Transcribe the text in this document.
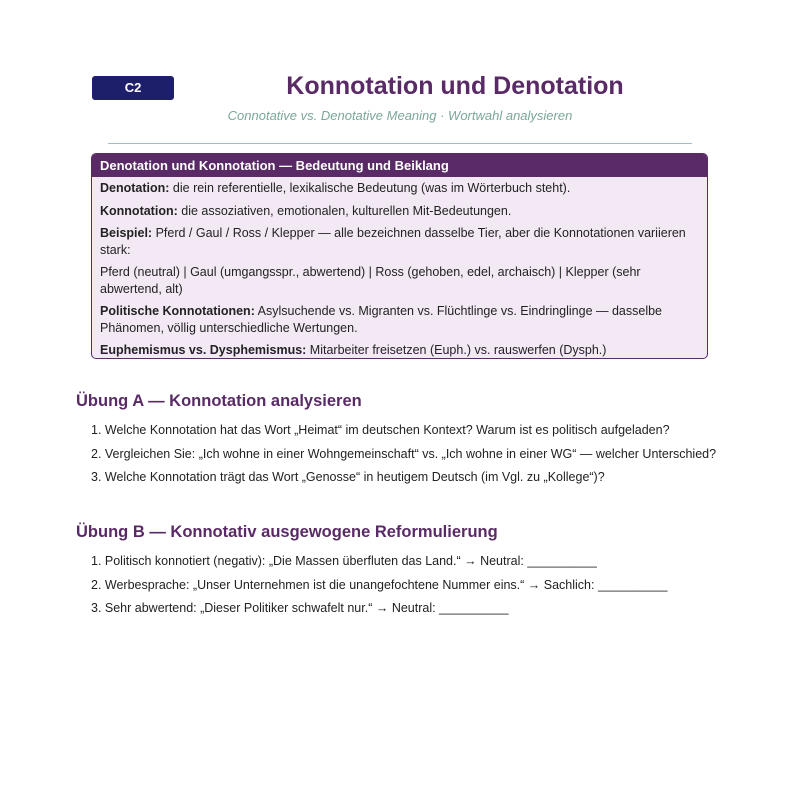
C2	Konnotation und Denotation
Connotative vs. Denotative Meaning · Wortwahl analysieren
Denotation und Konnotation — Bedeutung und Beiklang
Denotation: die rein referentielle, lexikalische Bedeutung (was im Wörterbuch steht).
Konnotation: die assoziativen, emotionalen, kulturellen Mit-Bedeutungen.
Beispiel: Pferd / Gaul / Ross / Klepper — alle bezeichnen dasselbe Tier, aber die Konnotationen variieren stark:
Pferd (neutral) | Gaul (umgangsspr., abwertend) | Ross (gehoben, edel, archaisch) | Klepper (sehr abwertend, alt)
Politische Konnotationen: Asylsuchende vs. Migranten vs. Flüchtlinge vs. Eindringlinge — dasselbe Phänomen, völlig unterschiedliche Wertungen.
Euphemismus vs. Dysphemismus: Mitarbeiter freisetzen (Euph.) vs. rauswerfen (Dysph.)
Übung A — Konnotation analysieren
1. Welche Konnotation hat das Wort „Heimat“ im deutschen Kontext? Warum ist es politisch aufgeladen?
2. Vergleichen Sie: „Ich wohne in einer Wohngemeinschaft“ vs. „Ich wohne in einer WG“ — welcher Unterschied?
3. Welche Konnotation trägt das Wort „Genosse“ in heutigem Deutsch (im Vgl. zu „Kollege“)?
Übung B — Konnotativ ausgewogene Reformulierung
1. Politisch konnotiert (negativ): „Die Massen überfluten das Land.“ → Neutral: __________
2. Werbesprache: „Unser Unternehmen ist die unangefochtene Nummer eins.“ → Sachlich: __________
3. Sehr abwertend: „Dieser Politiker schwafelt nur.“ → Neutral: __________
